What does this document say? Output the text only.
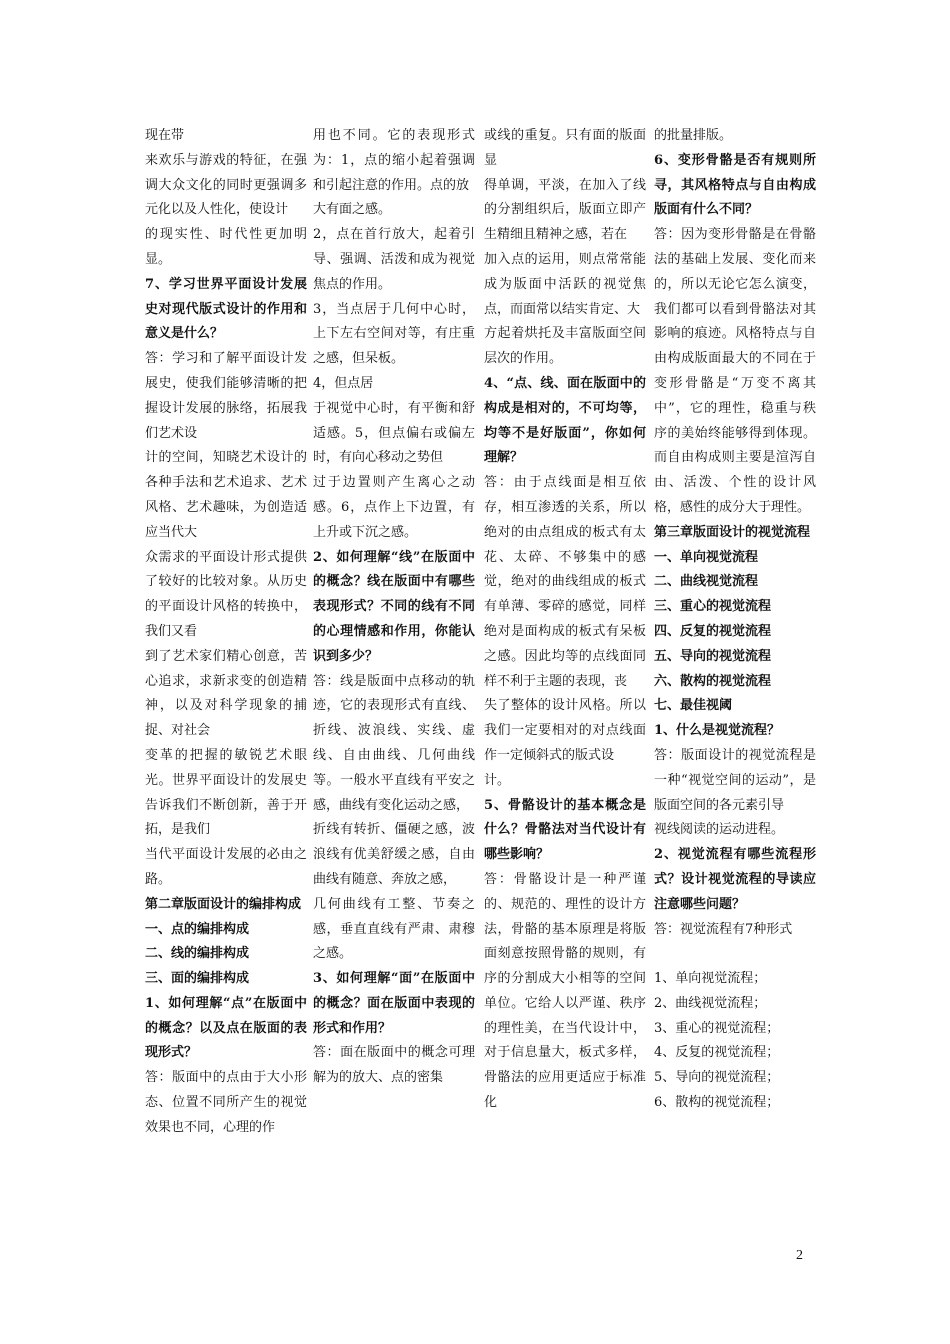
现在带

来欢乐与游戏的特征，在强调大众文化的同时更强调多元化以及人性化，使设计

的现实性、时代性更加明显。

7、学习世界平面设计发展史对现代版式设计的作用和意义是什么？

答：学习和了解平面设计发展史，使我们能够清晰的把握设计发展的脉络，拓展我们艺术设

计的空间，知晓艺术设计的各种手法和艺术追求、艺术风格、艺术趣味，为创造适应当代大

众需求的平面设计形式提供了较好的比较对象。从历史的平面设计风格的转换中，我们又看

到了艺术家们精心创意，苦心追求，求新求变的创造精神，以及对科学现象的捕捉、对社会

变革的把握的敏锐艺术眼光。世界平面设计的发展史告诉我们不断创新，善于开拓，是我们

当代平面设计发展的必由之路。

第二章版面设计的编排构成

一、点的编排构成

二、线的编排构成

三、面的编排构成

1、如何理解“点”在版面中的概念？以及点在版面的表现形式？

答：版面中的点由于大小形态、位置不同所产生的视觉效果也不同，心理的作

用也不同。它的表现形式为：1，点的缩小起着强调和引起注意的作用。点的放

大有面之感。

2，点在首行放大，起着引导、强调、活泼和成为视觉焦点的作用。

3，当点居于几何中心时，上下左右空间对等，有庄重之感，但呆板。

4，但点居

于视觉中心时，有平衡和舒适感。5，但点偏右或偏左时，有向心移动之势但

过于边置则产生离心之动感。6，点作上下边置，有上升或下沉之感。

2、如何理解“线”在版面中的概念？线在版面中有哪些表现形式？不同的线有不同的心理情感和作用，你能认识到多少？

答：线是版面中点移动的轨迹，它的表现形式有直线、折线、波浪线、实线、虚线、自由曲线、几何曲线等。一般水平直线有平安之感，曲线有变化运动之感，

折线有转折、僵硬之感，波浪线有优美舒缓之感，自由曲线有随意、奔放之感，

几何曲线有工整、节奏之感，垂直直线有严肃、肃穆之感。

3、如何理解“面”在版面中的概念？面在版面中表现的形式和作用？

答：面在版面中的概念可理解为的放大、点的密集

或线的重复。只有面的版面显

得单调，平淡，在加入了线的分割组织后，版面立即产生精细且精神之感，若在

加入点的运用，则点常常能成为版面中活跃的视觉焦点，而面常以结实肯定、大

方起着烘托及丰富版面空间层次的作用。

4、“点、线、面在版面中的构成是相对的，不可均等，均等不是好版面”，你如何理解？

答：由于点线面是相互依存，相互渗透的关系，所以绝对的由点组成的板式有太花、太碎、不够集中的感觉，绝对的曲线组成的板式有单薄、零碎的感觉，同样绝对是面构成的板式有呆板之感。因此均等的点线面同样不利于主题的表现，丧

失了整体的设计风格。所以我们一定要相对的对点线面作一定倾斜式的版式设

计。

5、骨骼设计的基本概念是什么？骨骼法对当代设计有哪些影响？

答：骨骼设计是一种严谨的、规范的、理性的设计方法，骨骼的基本原理是将版面刻意按照骨骼的规则，有序的分割成大小相等的空间单位。它给人以严谨、秩序的理性美，在当代设计中，对于信息量大，板式多样，骨骼法的应用更适应于标准化

的批量排版。

6、变形骨骼是否有规则所寻，其风格特点与自由构成版面有什么不同？

答：因为变形骨骼是在骨骼法的基础上发展、变化而来的，所以无论它怎么演变，我们都可以看到骨骼法对其影响的痕迹。风格特点与自由构成版面最大的不同在于变形骨骼是“万变不离其中”，它的理性，稳重与秩序的美始终能够得到体现。而自由构成则主要是渲泻自由、活泼、个性的设计风格，感性的成分大于理性。

第三章版面设计的视觉流程

一、单向视觉流程

二、曲线视觉流程

三、重心的视觉流程

四、反复的视觉流程

五、导向的视觉流程

六、散构的视觉流程

七、最佳视阈

1、什么是视觉流程？

答：版面设计的视觉流程是一种“视觉空间的运动”，是版面空间的各元素引导

视线阅读的运动进程。

2、视觉流程有哪些流程形式？设计视觉流程的导读应注意哪些问题？

答：视觉流程有7种形式

1、单向视觉流程；

2、曲线视觉流程；

3、重心的视觉流程；

4、反复的视觉流程；

5、导向的视觉流程；

6、散构的视觉流程；

2
